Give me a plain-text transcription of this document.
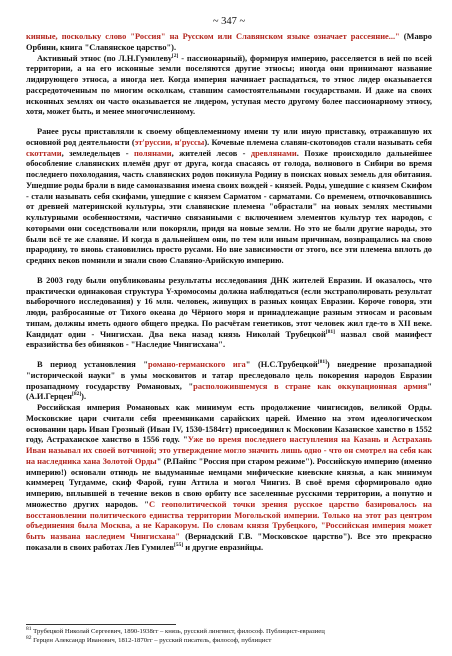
~ 347 ~

кинные, поскольку слово "Россия" на Русском или Славянском языке означает рассеяние..." (Мавро Орбини, книга "Славянское царство").

Активный этнос (по Л.Н.Гумилеву[2] - пассионарный), формируя империю, расселяется в ней по всей территории, а на его исконные земли поселяются другие этносы; иногда они принимают название лидирующего этноса, а иногда нет. Когда империя начинает распадаться, то этнос лидер оказывается рассредоточенным по многим осколкам, ставшим самостоятельными государствами. И даже на своих исконных землях он часто оказывается не лидером, уступая место другому более пассионарному этносу, хотя, может быть, и менее многочисленному.

Ранее русы приставляли к своему общевлеменному имени ту или иную приставку, отражавшую их основной род деятельности (эт'руссии, н'руссы). Кочевые племена славян-скотоводов стали называть себя скоттами, земледельцев - полянами, жителей лесов - древлянами. Позже происходило дальнейшее обособление славянских племён друг от друга, когда спасаясь от голода, волнового в Сибири во время последнего похолодания, часть славянских родов покинула Родину в поисках новых земель для обитания. Ушедшие роды брали в виде самоназвания имена своих вождей - князей. Роды, ушедшие с князем Скифом - стали называть себя скифами, ушедшие с князем Сарматом - сарматами. Со временем, отпочковавшись от древней материнской культуры, эти славянские племена "обрастали" на новых землях местными культурными особенностями, частично связанными с включением элементов культур тех народов, с которыми они соседствовали или покоряли, придя на новые земли. Но это не были другие народы, это были всё те же славяне. И когда в дальнейшем они, по тем или иным причинам, возвращались на свою прародину, то вновь становились просто русами. Но вне зависимости от этого, все эти племена вплоть до средних веков помнили и знали свою Славяно-Арийскую империю.

В 2003 году были опубликованы результаты исследования ДНК жителей Евразии. И оказалось, что практически одинаковая структура Y-хромосомы должна наблюдаться (если экстраполировать результат выборочного исследования) у 16 млн. человек, живущих в разных концах Евразии. Короче говоря, эти люди, разбросанные от Тихого океана до Чёрного моря и принадлежащие разным этносам и расовым типам, должны иметь одного общего предка. По расчётам генетиков, этот человек жил где-то в XII веке. Кандидат один - Чингисхан. Два века назад князь Николай Трубецкой[81] назвал свой манифест евразийства без обиняков - "Наследие Чингисхана".

В период установления "романо-германского ига" (Н.С.Трубецкой[81]) внедрение прозападной "исторической науки" в умы московитов и татар преследовало цель покорения народов Евразии прозападному государству Романовых, "расположившемуся в стране как оккупационная армия" (А.И.Герцен[82]).

Российская империя Романовых как минимум есть продолжение чингисидов, великой Орды. Московские цари считали себя преемниками сарайских царей. Именно на этом идеологическом основании царь Иван Грозный (Иван IV, 1530-1584гг) присоединил к Московии Казанское ханство в 1552 году, Астраханское ханство в 1556 году. "Уже во время последнего наступления на Казань и Астрахань Иван называл их своей вотчиной; это утверждение могло значить лишь одно - что он смотрел на себя как на наследника хана Золотой Орды" (Р.Пайпс "Россия при старом режиме"). Российскую империю (именно империю!) основали отнюдь не выдуманные немцами мифические киевские князья, а как минимум киммерец Тугдамме, скиф Фарой, гунн Аттила и могол Чингиз. В своё время сформировало одно империю, вплывшей в течение веков в свою орбиту все заселенные русскими территории, а попутно и множество других народов. "С геополитической точки зрения русское царство базировалось на восстановлении политического единства территории Могольской империи. Только на этот раз центром объединения была Москва, а не Каракорум. По словам князя Трубецкого, "Российская империя может быть названа наследием Чингисхана" (Вернадский Г.В. "Московское царство"). Все это прекрасно показали в своих работах Лев Гумилев[55] и другие евразийцы.

$^{81}$ Трубецкой Николай Сергеевич, 1890-1938гг – князь, русский лингвист, философ. Публицист-евразиец

$^{82}$ Герцен Александр Иванович, 1812-1870гг – русский писатель, философ, публицист
